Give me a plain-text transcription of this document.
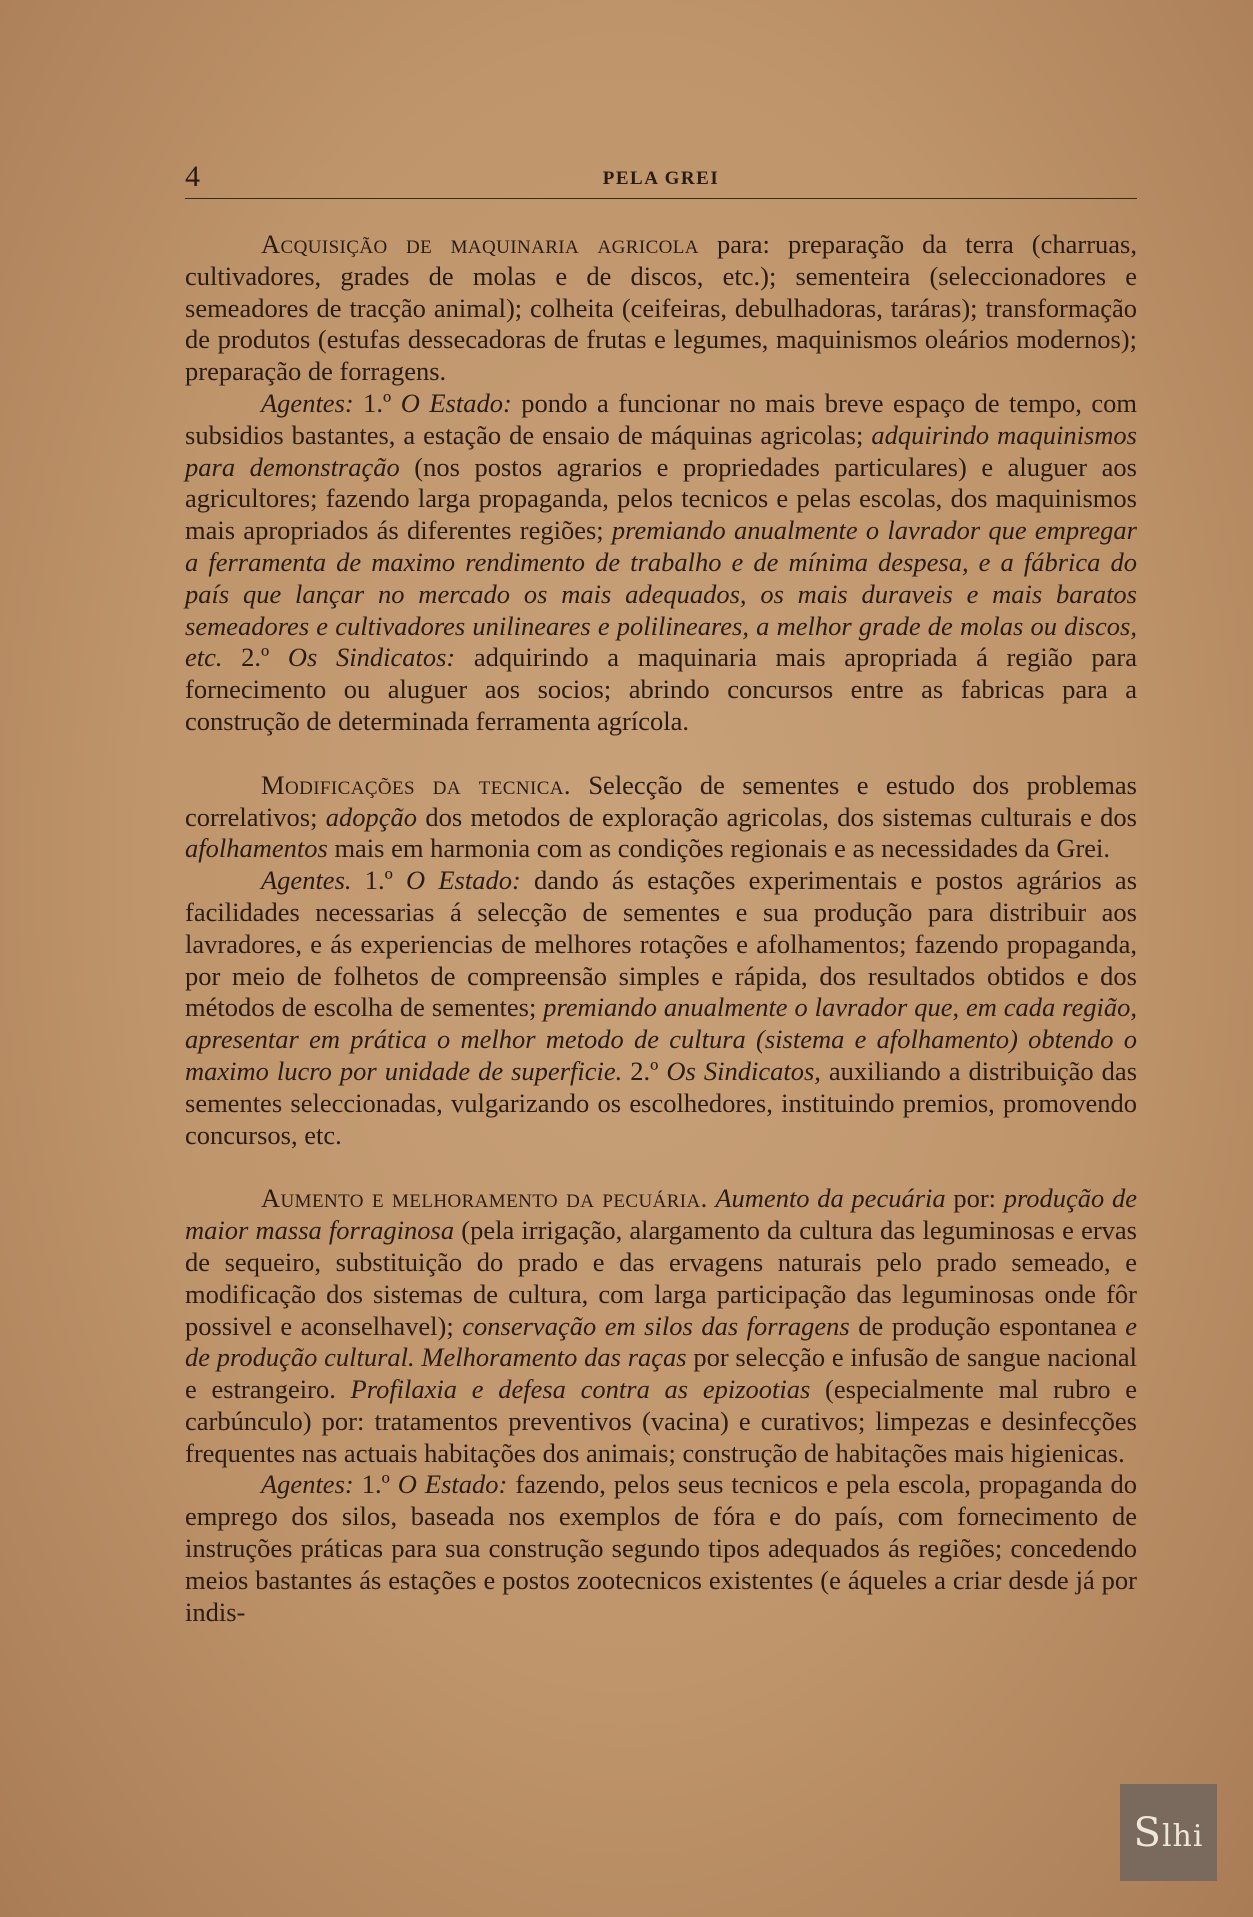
4	PELA GREI

Acquisição de maquinaria agricola para: preparação da terra (charruas, cultivadores, grades de molas e de discos, etc.); sementeira (seleccionadores e semeadores de tracção animal); colheita (ceifeiras, debulhadoras, taráras); transformação de produtos (estufas dessecadoras de frutas e legumes, maquinismos oleários modernos); preparação de forragens.

Agentes: 1.º O Estado: pondo a funcionar no mais breve espaço de tempo, com subsidios bastantes, a estação de ensaio de máquinas agricolas; adquirindo maquinismos para demonstração (nos postos agrarios e propriedades particulares) e aluguer aos agricultores; fazendo larga propaganda, pelos tecnicos e pelas escolas, dos maquinismos mais apropriados ás diferentes regiões; premiando anualmente o lavrador que empregar a ferramenta de maximo rendimento de trabalho e de mínima despesa, e a fábrica do país que lançar no mercado os mais adequados, os mais duraveis e mais baratos semeadores e cultivadores unilineares e polilineares, a melhor grade de molas ou discos, etc. 2.º Os Sindicatos: adquirindo a maquinaria mais apropriada á região para fornecimento ou aluguer aos socios; abrindo concursos entre as fabricas para a construção de determinada ferramenta agrícola.

Modificações da tecnica. Selecção de sementes e estudo dos problemas correlativos; adopção dos metodos de exploração agricolas, dos sistemas culturais e dos afolhamentos mais em harmonia com as condições regionais e as necessidades da Grei.

Agentes. 1.º O Estado: dando ás estações experimentais e postos agrários as facilidades necessarias á selecção de sementes e sua produção para distribuir aos lavradores, e ás experiencias de melhores rotações e afolhamentos; fazendo propaganda, por meio de folhetos de compreensão simples e rápida, dos resultados obtidos e dos métodos de escolha de sementes; premiando anualmente o lavrador que, em cada região, apresentar em prática o melhor metodo de cultura (sistema e afolhamento) obtendo o maximo lucro por unidade de superficie. 2.º Os Sindicatos, auxiliando a distribuição das sementes seleccionadas, vulgarizando os escolhedores, instituindo premios, promovendo concursos, etc.

Aumento e melhoramento da pecuária. Aumento da pecuária por: produção de maior massa forraginosa (pela irrigação, alargamento da cultura das leguminosas e ervas de sequeiro, substituição do prado e das ervagens naturais pelo prado semeado, e modificação dos sistemas de cultura, com larga participação das leguminosas onde fôr possivel e aconselhavel); conservação em silos das forragens de produção espontanea e de produção cultural. Melhoramento das raças por selecção e infusão de sangue nacional e estrangeiro. Profilaxia e defesa contra as epizootias (especialmente mal rubro e carbúnculo) por: tratamentos preventivos (vacina) e curativos; limpezas e desinfecções frequentes nas actuais habitações dos animais; construção de habitações mais higienicas.

Agentes: 1.º O Estado: fazendo, pelos seus tecnicos e pela escola, propaganda do emprego dos silos, baseada nos exemplos de fóra e do país, com fornecimento de instruções práticas para sua construção segundo tipos adequados ás regiões; concedendo meios bastantes ás estações e postos zootecnicos existentes (e áqueles a criar desde já por indis-

Slhi
